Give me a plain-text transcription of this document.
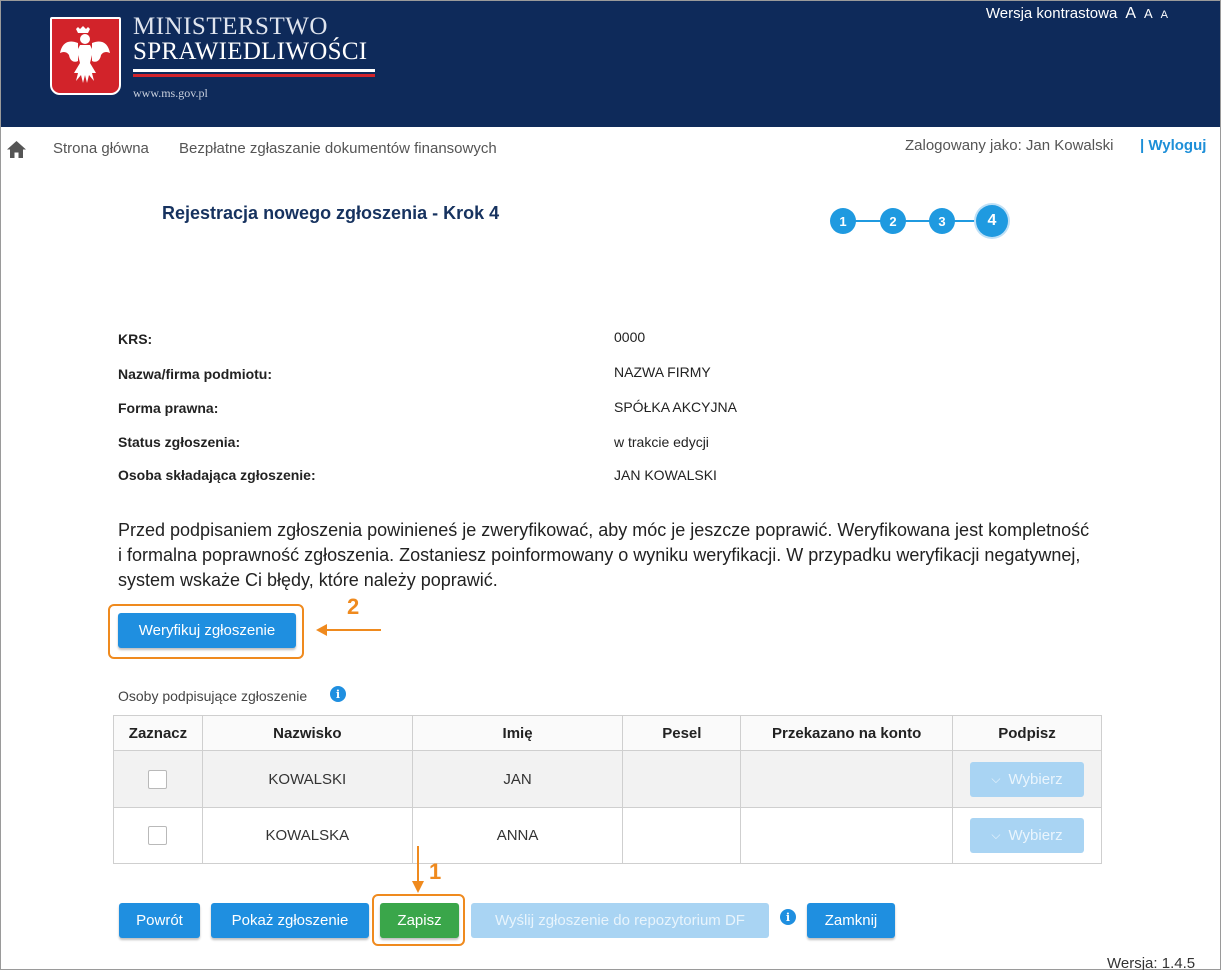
MINISTERSTWO
SPRAWIEDLIWOŚCI
www.ms.gov.pl
Wersja kontrastowa A A A
Strona główna Bezpłatne zgłaszanie dokumentów finansowych	Zalogowany jako: Jan Kowalski | Wyloguj
Rejestracja nowego zgłoszenia - Krok 4	1	2	3	4
KRS:	0000
Nazwa/firma podmiotu:	NAZWA FIRMY
Forma prawna:	SPÓŁKA AKCYJNA
Status zgłoszenia:	w trakcie edycji
Osoba składająca zgłoszenie:	JAN KOWALSKI
Przed podpisaniem zgłoszenia powinieneś je zweryfikować, aby móc je jeszcze poprawić. Weryfikowana jest kompletność i formalna poprawność zgłoszenia. Zostaniesz poinformowany o wyniku weryfikacji. W przypadku weryfikacji negatywnej, system wskaże Ci błędy, które należy poprawić.
Weryfikuj zgłoszenie
2
Osoby podpisujące zgłoszenie	i
Zaznacz	Nazwisko	Imię	Pesel	Przekazano na konto	Podpisz
	KOWALSKI	JAN			⌵ Wybierz

	KOWALSKA	ANNA			⌵ Wybierz
1
Powrót	Pokaż zgłoszenie	Zapisz	Wyślij zgłoszenie do repozytorium DF	i	Zamknij
Wersja: 1.4.5
